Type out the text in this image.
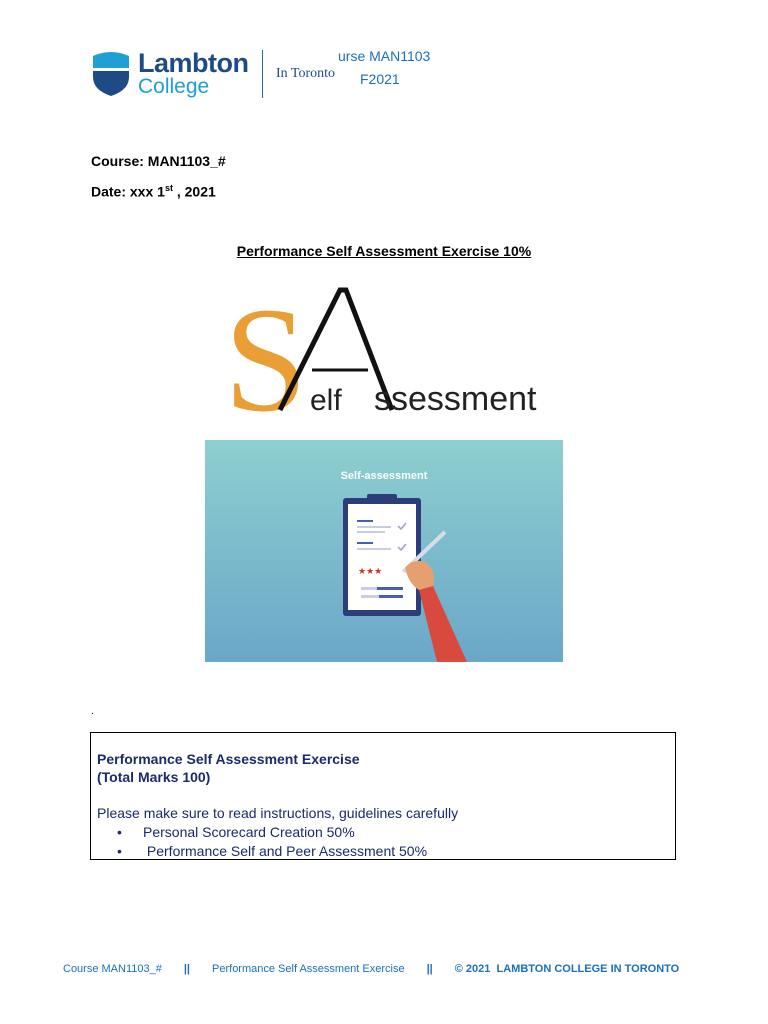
Lambton
College
In Toronto
urse MAN1103
F2021
Course: MAN1103_#
Date: xxx 1st , 2021
Performance Self Assessment Exercise 10%
S elf ssessment
Self-assessment
★★★
.
Performance Self Assessment Exercise
(Total Marks 100)
Please make sure to read instructions, guidelines carefully
• Personal Scorecard Creation 50%
• Performance Self and Peer Assessment 50%
Course MAN1103_# || Performance Self Assessment Exercise || © 2021  LAMBTON COLLEGE IN TORONTO
